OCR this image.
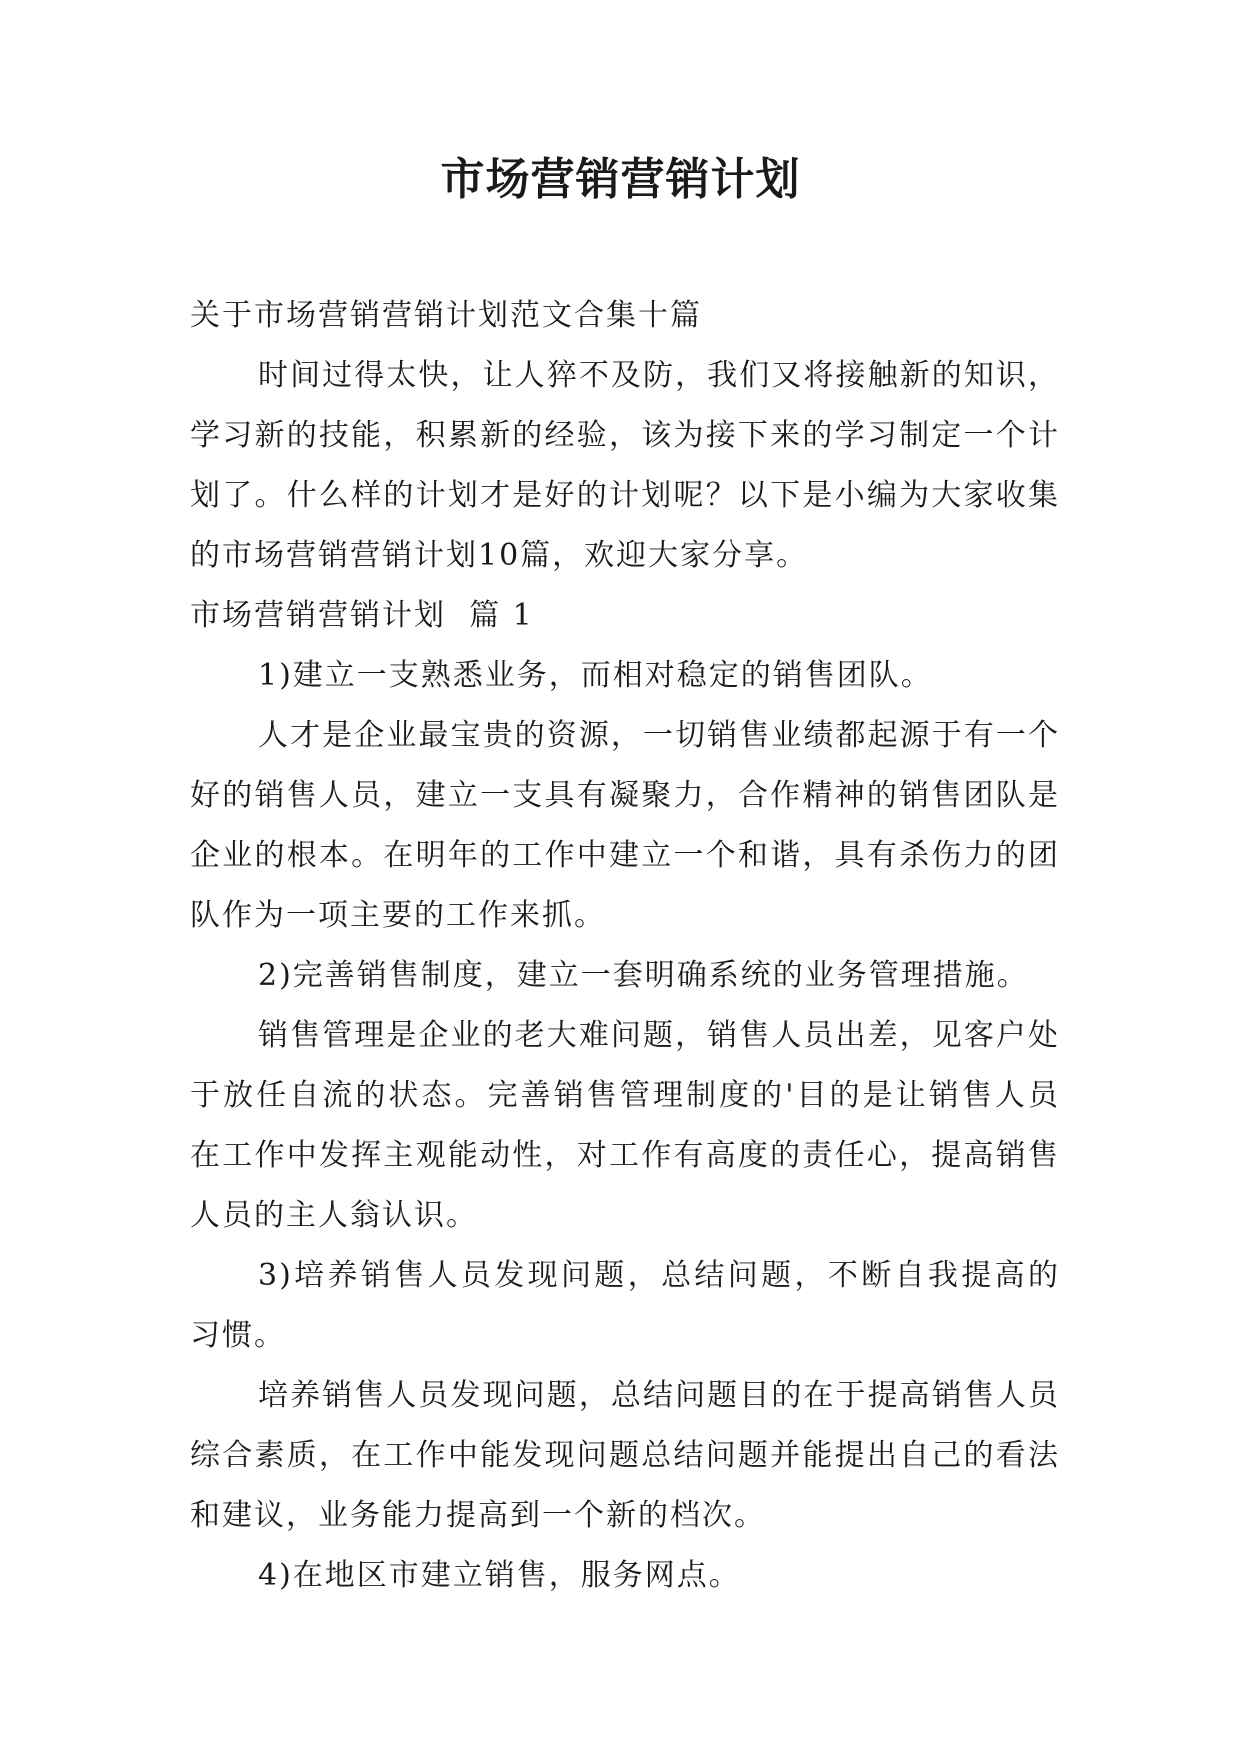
市场营销营销计划

关于市场营销营销计划范文合集十篇

时间过得太快，让人猝不及防，我们又将接触新的知识，学习新的技能，积累新的经验，该为接下来的学习制定一个计划了。什么样的计划才是好的计划呢？以下是小编为大家收集的市场营销营销计划10篇，欢迎大家分享。

市场营销营销计划  篇 1

1)建立一支熟悉业务，而相对稳定的销售团队。

人才是企业最宝贵的资源，一切销售业绩都起源于有一个好的销售人员，建立一支具有凝聚力，合作精神的销售团队是企业的根本。在明年的工作中建立一个和谐，具有杀伤力的团队作为一项主要的工作来抓。

2)完善销售制度，建立一套明确系统的业务管理措施。

销售管理是企业的老大难问题，销售人员出差，见客户处于放任自流的状态。完善销售管理制度的'目的是让销售人员在工作中发挥主观能动性，对工作有高度的责任心，提高销售人员的主人翁认识。

3)培养销售人员发现问题，总结问题，不断自我提高的习惯。

培养销售人员发现问题，总结问题目的在于提高销售人员综合素质，在工作中能发现问题总结问题并能提出自己的看法和建议，业务能力提高到一个新的档次。

4)在地区市建立销售，服务网点。
